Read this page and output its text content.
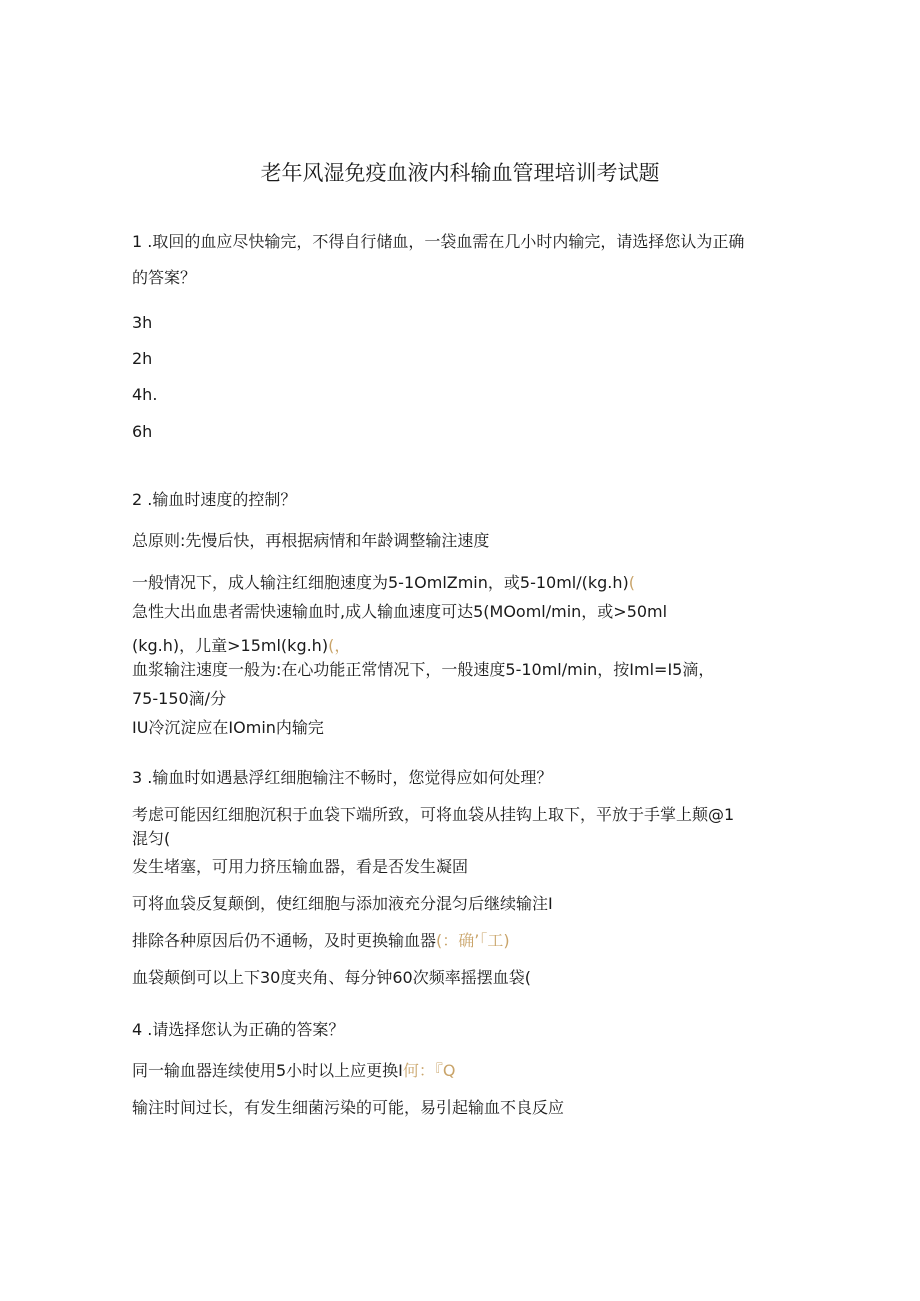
老年风湿免疫血液内科输血管理培训考试题
1 .取回的血应尽快输完，不得自行储血，一袋血需在几小时内输完，请选择您认为正确
的答案？
3h
2h
4h.
6h
2 .输血时速度的控制？
总原则:先慢后快，再根据病情和年龄调整输注速度
一般情况下，成人输注红细胞速度为5-1OmlZmin，或5-10ml∕(kg.h)(
急性大出血患者需快速输血时,成人输血速度可达5(MOoml∕min，或>50ml
(kg.h)，儿童>15ml(kg.h)(，
血浆输注速度一般为:在心功能正常情况下，一般速度5-10ml∕min，按Iml=I5滴，
75-150滴/分
IU冷沉淀应在IOmin内输完
3 .输血时如遇悬浮红细胞输注不畅时，您觉得应如何处理？
考虑可能因红细胞沉积于血袋下端所致，可将血袋从挂钩上取下，平放于手掌上颠@1
混匀(
发生堵塞，可用力挤压输血器，看是否发生凝固
可将血袋反复颠倒，使红细胞与添加液充分混匀后继续输注I
排除各种原因后仍不通畅，及时更换输血器(：确’「工)
血袋颠倒可以上下30度夹角、每分钟60次频率摇摆血袋(
4 .请选择您认为正确的答案？
同一输血器连续使用5小时以上应更换I何：『Q
输注时间过长，有发生细菌污染的可能，易引起输血不良反应
